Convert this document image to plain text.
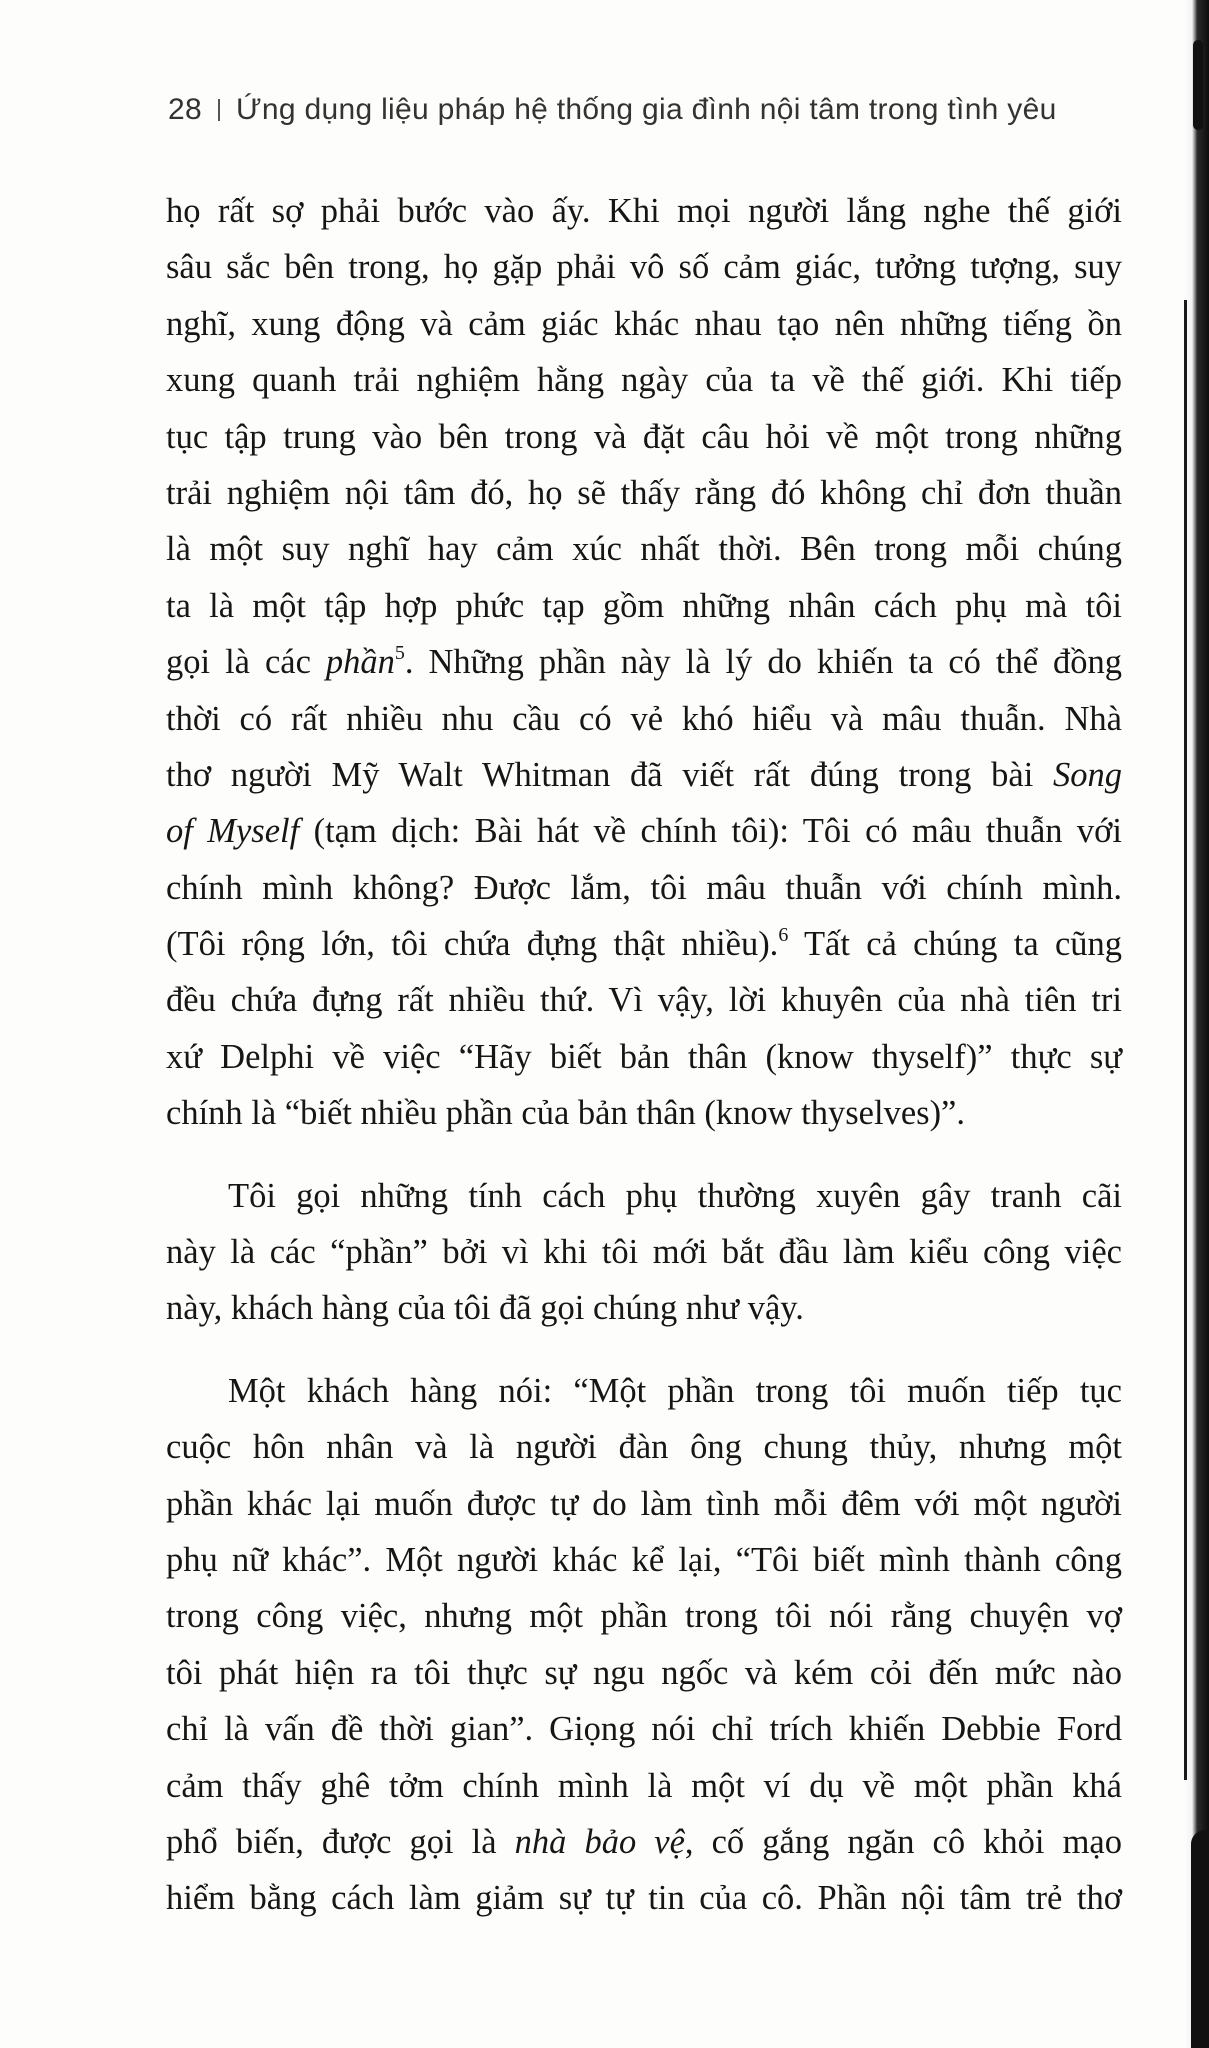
28 Ứng dụng liệu pháp hệ thống gia đình nội tâm trong tình yêu
họ rất sợ phải bước vào ấy. Khi mọi người lắng nghe thế giới
sâu sắc bên trong, họ gặp phải vô số cảm giác, tưởng tượng, suy
nghĩ, xung động và cảm giác khác nhau tạo nên những tiếng ồn
xung quanh trải nghiệm hằng ngày của ta về thế giới. Khi tiếp
tục tập trung vào bên trong và đặt câu hỏi về một trong những
trải nghiệm nội tâm đó, họ sẽ thấy rằng đó không chỉ đơn thuần
là một suy nghĩ hay cảm xúc nhất thời. Bên trong mỗi chúng
ta là một tập hợp phức tạp gồm những nhân cách phụ mà tôi
gọi là các phần$^5$. Những phần này là lý do khiến ta có thể đồng
thời có rất nhiều nhu cầu có vẻ khó hiểu và mâu thuẫn. Nhà
thơ người Mỹ Walt Whitman đã viết rất đúng trong bài Song
of Myself (tạm dịch: Bài hát về chính tôi): Tôi có mâu thuẫn với
chính mình không? Được lắm, tôi mâu thuẫn với chính mình.
(Tôi rộng lớn, tôi chứa đựng thật nhiều).$^6$ Tất cả chúng ta cũng
đều chứa đựng rất nhiều thứ. Vì vậy, lời khuyên của nhà tiên tri
xứ Delphi về việc “Hãy biết bản thân (know thyself)” thực sự
chính là “biết nhiều phần của bản thân (know thyselves)”.
Tôi gọi những tính cách phụ thường xuyên gây tranh cãi
này là các “phần” bởi vì khi tôi mới bắt đầu làm kiểu công việc
này, khách hàng của tôi đã gọi chúng như vậy.
Một khách hàng nói: “Một phần trong tôi muốn tiếp tục
cuộc hôn nhân và là người đàn ông chung thủy, nhưng một
phần khác lại muốn được tự do làm tình mỗi đêm với một người
phụ nữ khác”. Một người khác kể lại, “Tôi biết mình thành công
trong công việc, nhưng một phần trong tôi nói rằng chuyện vợ
tôi phát hiện ra tôi thực sự ngu ngốc và kém cỏi đến mức nào
chỉ là vấn đề thời gian”. Giọng nói chỉ trích khiến Debbie Ford
cảm thấy ghê tởm chính mình là một ví dụ về một phần khá
phổ biến, được gọi là nhà bảo vệ, cố gắng ngăn cô khỏi mạo
hiểm bằng cách làm giảm sự tự tin của cô. Phần nội tâm trẻ thơ
